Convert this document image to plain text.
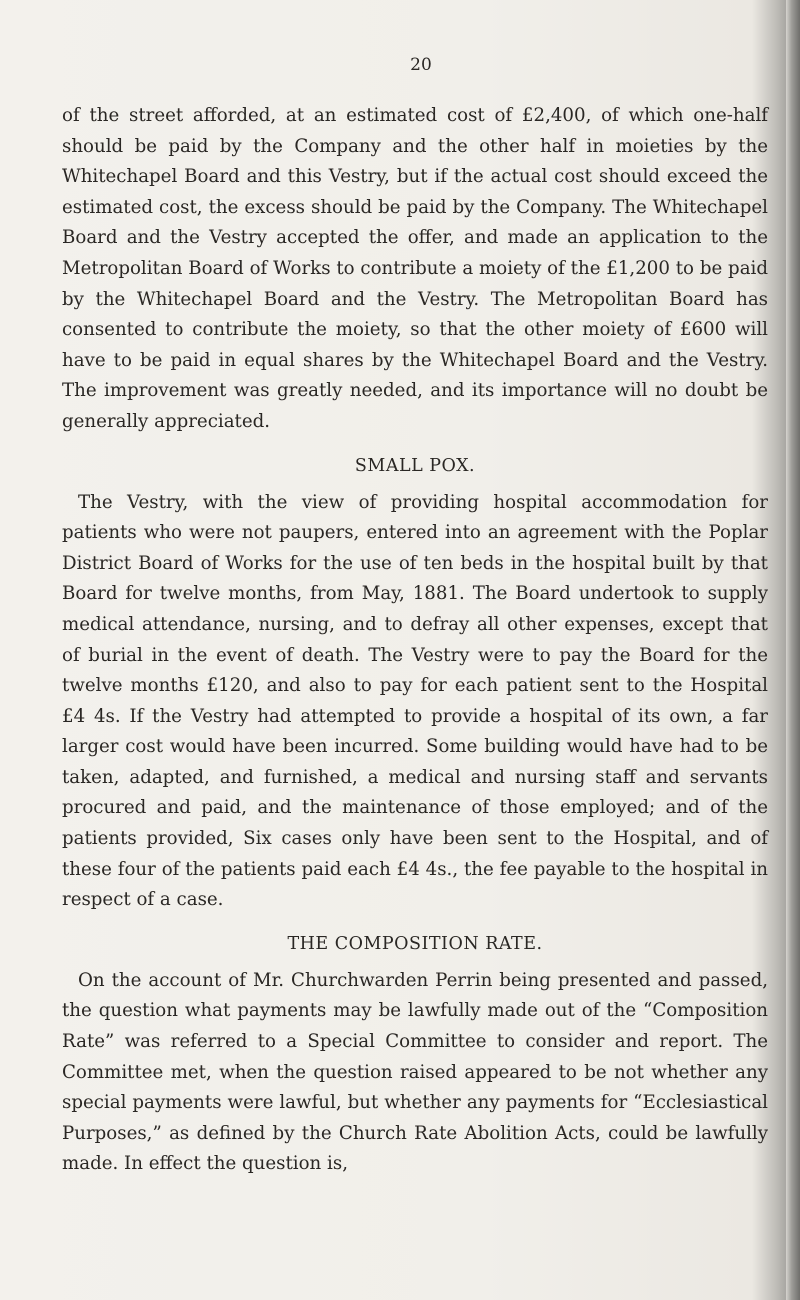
20

of the street afforded, at an estimated cost of £2,400, of which one-half should be paid by the Company and the other half in moieties by the Whitechapel Board and this Vestry, but if the actual cost should exceed the estimated cost, the excess should be paid by the Company. The Whitechapel Board and the Vestry accepted the offer, and made an application to the Metropolitan Board of Works to contribute a moiety of the £1,200 to be paid by the Whitechapel Board and the Vestry. The Metropolitan Board has consented to contribute the moiety, so that the other moiety of £600 will have to be paid in equal shares by the Whitechapel Board and the Vestry. The improvement was greatly needed, and its importance will no doubt be generally appreciated.

SMALL POX.

The Vestry, with the view of providing hospital accommodation for patients who were not paupers, entered into an agreement with the Poplar District Board of Works for the use of ten beds in the hospital built by that Board for twelve months, from May, 1881. The Board undertook to supply medical attendance, nursing, and to defray all other expenses, except that of burial in the event of death. The Vestry were to pay the Board for the twelve months £120, and also to pay for each patient sent to the Hospital £4 4s. If the Vestry had attempted to provide a hospital of its own, a far larger cost would have been incurred. Some building would have had to be taken, adapted, and furnished, a medical and nursing staff and servants procured and paid, and the maintenance of those employed; and of the patients provided, Six cases only have been sent to the Hospital, and of these four of the patients paid each £4 4s., the fee payable to the hospital in respect of a case.

THE COMPOSITION RATE.

On the account of Mr. Churchwarden Perrin being presented and passed, the question what payments may be lawfully made out of the “Composition Rate” was referred to a Special Committee to consider and report. The Committee met, when the question raised appeared to be not whether any special payments were lawful, but whether any payments for “Ecclesiastical Purposes,” as defined by the Church Rate Abolition Acts, could be lawfully made. In effect the question is,
